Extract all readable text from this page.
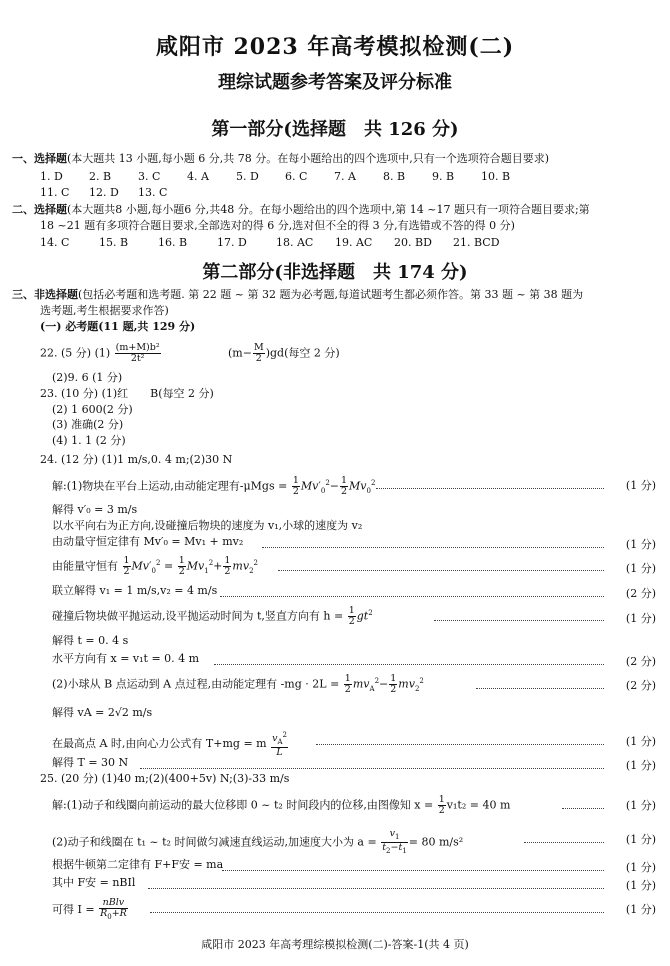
咸阳市 2023 年高考模拟检测(二)
理综试题参考答案及评分标准
第一部分(选择题　共 126 分)
一、选择题(本大题共 13 小题,每小题 6 分,共 78 分。在每小题给出的四个选项中,只有一个选项符合题目要求)
1. D 2. B 3. C 4. A 5. D 6. C 7. A 8. B 9. B 10. B
11. C 12. D 13. C
二、选择题(本大题共8 小题,每小题6 分,共48 分。在每小题给出的四个选项中,第 14 ~17 题只有一项符合题目要求;第
18 ~21 题有多项符合题目要求,全部选对的得 6 分,选对但不全的得 3 分,有选错或不答的得 0 分)
14. C	15. B	16. B	17. D	18. AC 19. AC 20. BD 21. BCD
第二部分(非选择题　共 174 分)
三、非选择题(包括必考题和选考题. 第 22 题 ~ 第 32 题为必考题,每道试题考生都必须作答。第 33 题 ~ 第 38 题为
选考题,考生根据要求作答)
(一) 必考题(11 题,共 129 分)
22. (5 分) $(1) \frac{\text{(m+M)b²}}{\text{2t²}}$	$(m- \frac{M}{2} )gd$(每空 2 分)
(2)9. 6 (1 分)
23. (10 分) (1)红　　B(每空 2 分)
(2) 1 600(2 分)
(3) 准确(2 分)
(4) 1. 1 (2 分)
24. (12 分) (1)1 m/s,0. 4 m;(2)30 N
解:(1)物块在平台上运动,由动能定理有$-\mu Mgs = \frac{1}{2} Mv'_0^2- \frac{1}{2} Mv_0^2$	(1 分)
解得 v′₀ = 3 m/s
以水平向右为正方向,设碰撞后物块的速度为 v₁,小球的速度为 v₂
由动量守恒定律有 Mv′₀ = Mv₁ + mv₂	(1 分)
由能量守恒有 $\frac{1}{2} Mv'_0^2 = \frac{1}{2} Mv_1^2+ \frac{1}{2} mv_2^2$	(1 分)
联立解得 v₁ = 1 m/s,v₂ = 4 m/s	(2 分)
碰撞后物块做平抛运动,设平抛运动时间为 t,竖直方向有 $h = \frac{1}{2} gt^2$	(1 分)
解得 t = 0. 4 s
水平方向有 x = v₁t = 0. 4 m	(2 分)
(2)小球从 B 点运动到 A 点过程,由动能定理有 $-mg \cdot 2L = \frac{1}{2} mv_A^2- \frac{1}{2} mv_2^2$	(2 分)
解得 vA = 2√2 m/s
在最高点 A 时,由向心力公式有 T+mg = m $\frac{v_A^2}{L}$	(1 分)
解得 T = 30 N	(1 分)
25. (20 分) (1)40 m;(2)(400+5v) N;(3)-33 m/s
解:(1)动子和线圈向前运动的最大位移即 0 ~ t₂ 时间段内的位移,由图像知 $x = \frac{1}{2} v_1t_2 = 40$ m	(1 分)
(2)动子和线圈在 t₁ ~ t₂ 时间做匀减速直线运动,加速度大小为 $a = \frac{v_1}{t_2-t_1} = 80$ m/s²	(1 分)
根据牛顿第二定律有 F+F安 = ma	(1 分)
其中 F安 = nBIl	(1 分)
可得 $I = \frac{\text{nBlv}}{R_0+R}$	(1 分)
咸阳市 2023 年高考理综模拟检测(二)-答案-1(共 4 页)
